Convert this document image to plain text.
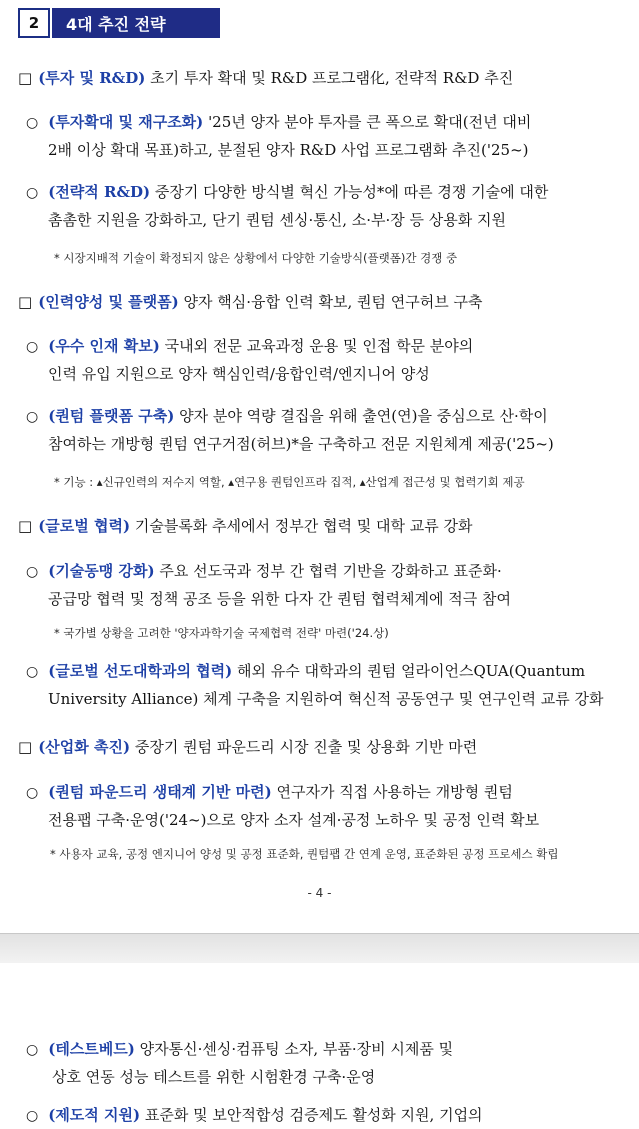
2	4대 추진 전략
□ (투자 및 R&D) 초기 투자 확대 및 R&D 프로그램化, 전략적 R&D 추진
○ (투자확대 및 재구조화) '25년 양자 분야 투자를 큰 폭으로 확대(전년 대비
2배 이상 확대 목표)하고, 분절된 양자 R&D 사업 프로그램화 추진('25~)
○ (전략적 R&D) 중장기 다양한 방식별 혁신 가능성*에 따른 경쟁 기술에 대한
촘촘한 지원을 강화하고, 단기 퀀텀 센싱·통신, 소·부·장 등 상용화 지원
* 시장지배적 기술이 확정되지 않은 상황에서 다양한 기술방식(플랫폼)간 경쟁 중
□ (인력양성 및 플랫폼) 양자 핵심·융합 인력 확보, 퀀텀 연구허브 구축
○ (우수 인재 확보) 국내외 전문 교육과정 운용 및 인접 학문 분야의
인력 유입 지원으로 양자 핵심인력/융합인력/엔지니어 양성
○ (퀀텀 플랫폼 구축) 양자 분야 역량 결집을 위해 출연(연)을 중심으로 산·학이
참여하는 개방형 퀀텀 연구거점(허브)*을 구축하고 전문 지원체계 제공('25~)
* 기능 : ▴신규인력의 저수지 역할, ▴연구용 퀀텀인프라 집적, ▴산업계 접근성 및 협력기회 제공
□ (글로벌 협력) 기술블록화 추세에서 정부간 협력 및 대학 교류 강화
○ (기술동맹 강화) 주요 선도국과 정부 간 협력 기반을 강화하고 표준화·
공급망 협력 및 정책 공조 등을 위한 다자 간 퀀텀 협력체계에 적극 참여
* 국가별 상황을 고려한 '양자과학기술 국제협력 전략' 마련('24.상)
○ (글로벌 선도대학과의 협력) 해외 유수 대학과의 퀀텀 얼라이언스QUA(Quantum
University Alliance) 체계 구축을 지원하여 혁신적 공동연구 및 연구인력 교류 강화
□ (산업화 촉진) 중장기 퀀텀 파운드리 시장 진출 및 상용화 기반 마련
○ (퀀텀 파운드리 생태계 기반 마련) 연구자가 직접 사용하는 개방형 퀀텀
전용팹 구축·운영('24~)으로 양자 소자 설계·공정 노하우 및 공정 인력 확보
* 사용자 교육, 공정 엔지니어 양성 및 공정 표준화, 퀀텀팹 간 연계 운영, 표준화된 공정 프로세스 확립
- 4 -
○ (테스트베드) 양자통신·센싱·컴퓨팅 소자, 부품·장비 시제품 및
상호 연동 성능 테스트를 위한 시험환경 구축·운영
○ (제도적 지원) 표준화 및 보안적합성 검증제도 활성화 지원, 기업의
